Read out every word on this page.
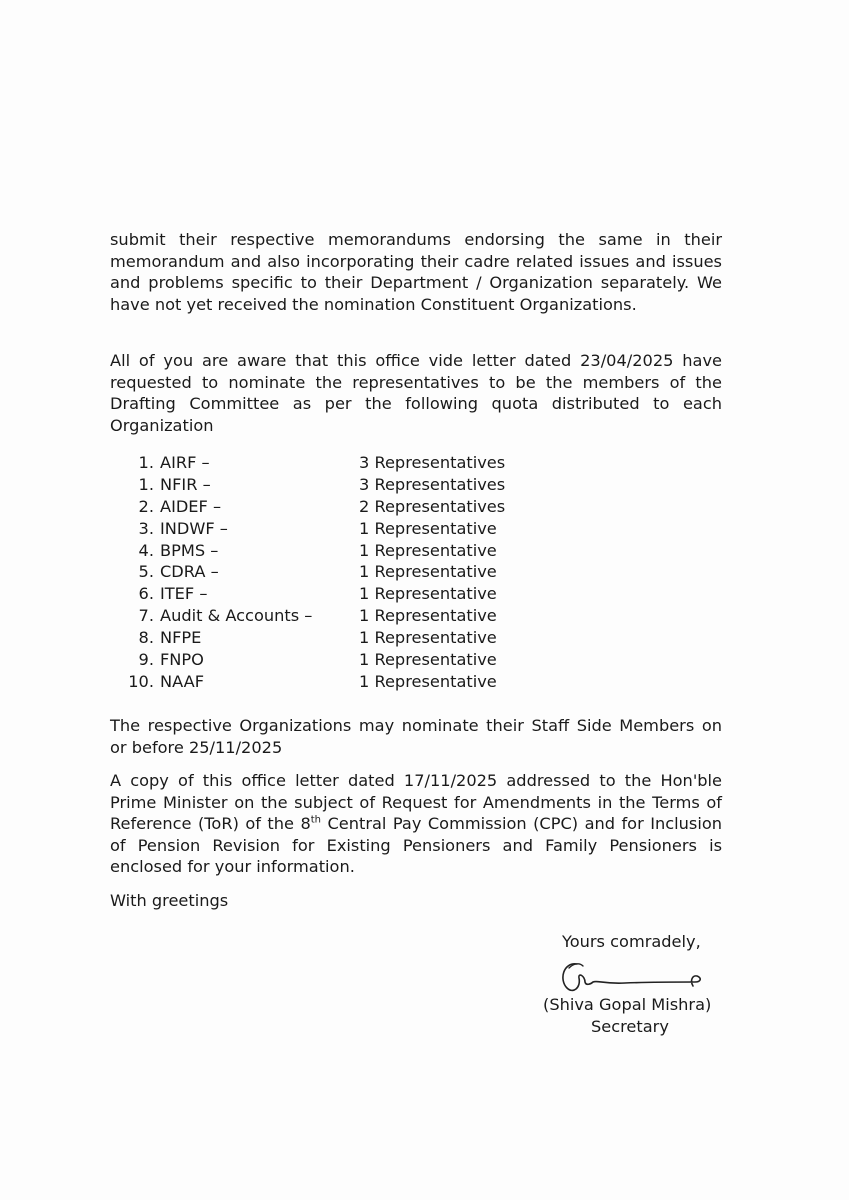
submit their respective memorandums endorsing the same in their memorandum and also incorporating their cadre related issues and issues and problems specific to their Department / Organization separately. We have not yet received the nomination Constituent Organizations.

All of you are aware that this office vide letter dated 23/04/2025 have requested to nominate the representatives to be the members of the Drafting Committee as per the following quota distributed to each Organization

1. AIRF –	3 Representatives
1. NFIR –	3 Representatives
2. AIDEF –	2 Representatives
3. INDWF –	1 Representative
4. BPMS –	1 Representative
5. CDRA –	1 Representative
6. ITEF –	1 Representative
7. Audit & Accounts –	1 Representative
8. NFPE	1 Representative
9. FNPO	1 Representative
10. NAAF	1 Representative

The respective Organizations may nominate their Staff Side Members on or before 25/11/2025

A copy of this office letter dated 17/11/2025 addressed to the Hon'ble Prime Minister on the subject of Request for Amendments in the Terms of Reference (ToR) of the 8th Central Pay Commission (CPC) and for Inclusion of Pension Revision for Existing Pensioners and Family Pensioners is enclosed for your information.

With greetings
Yours comradely,
(Shiva Gopal Mishra)
Secretary
